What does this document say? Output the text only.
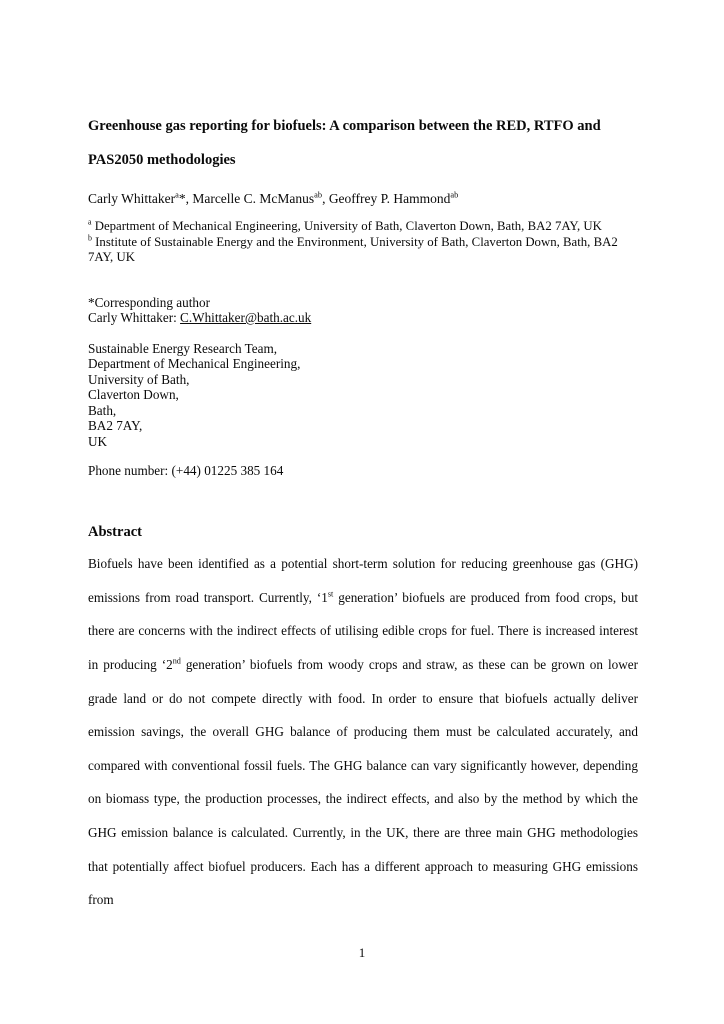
Greenhouse gas reporting for biofuels: A comparison between the RED, RTFO and
PAS2050 methodologies
Carly Whittaker$^a$*, Marcelle C. McManus$^{ab}$, Geoffrey P. Hammond$^{ab}$
$^a$ Department of Mechanical Engineering, University of Bath, Claverton Down, Bath, BA2 7AY, UK
$^b$ Institute of Sustainable Energy and the Environment, University of Bath, Claverton Down, Bath, BA2 7AY, UK
*Corresponding author
Carly Whittaker: C.Whittaker@bath.ac.uk
Sustainable Energy Research Team,
Department of Mechanical Engineering,
University of Bath,
Claverton Down,
Bath,
BA2 7AY,
UK
Phone number: (+44) 01225 385 164
Abstract
Biofuels have been identified as a potential short-term solution for reducing greenhouse gas (GHG) emissions from road transport. Currently, ‘1st generation’ biofuels are produced from food crops, but there are concerns with the indirect effects of utilising edible crops for fuel. There is increased interest in producing ‘2nd generation’ biofuels from woody crops and straw, as these can be grown on lower grade land or do not compete directly with food. In order to ensure that biofuels actually deliver emission savings, the overall GHG balance of producing them must be calculated accurately, and compared with conventional fossil fuels. The GHG balance can vary significantly however, depending on biomass type, the production processes, the indirect effects, and also by the method by which the GHG emission balance is calculated. Currently, in the UK, there are three main GHG methodologies that potentially affect biofuel producers. Each has a different approach to measuring GHG emissions from
1
